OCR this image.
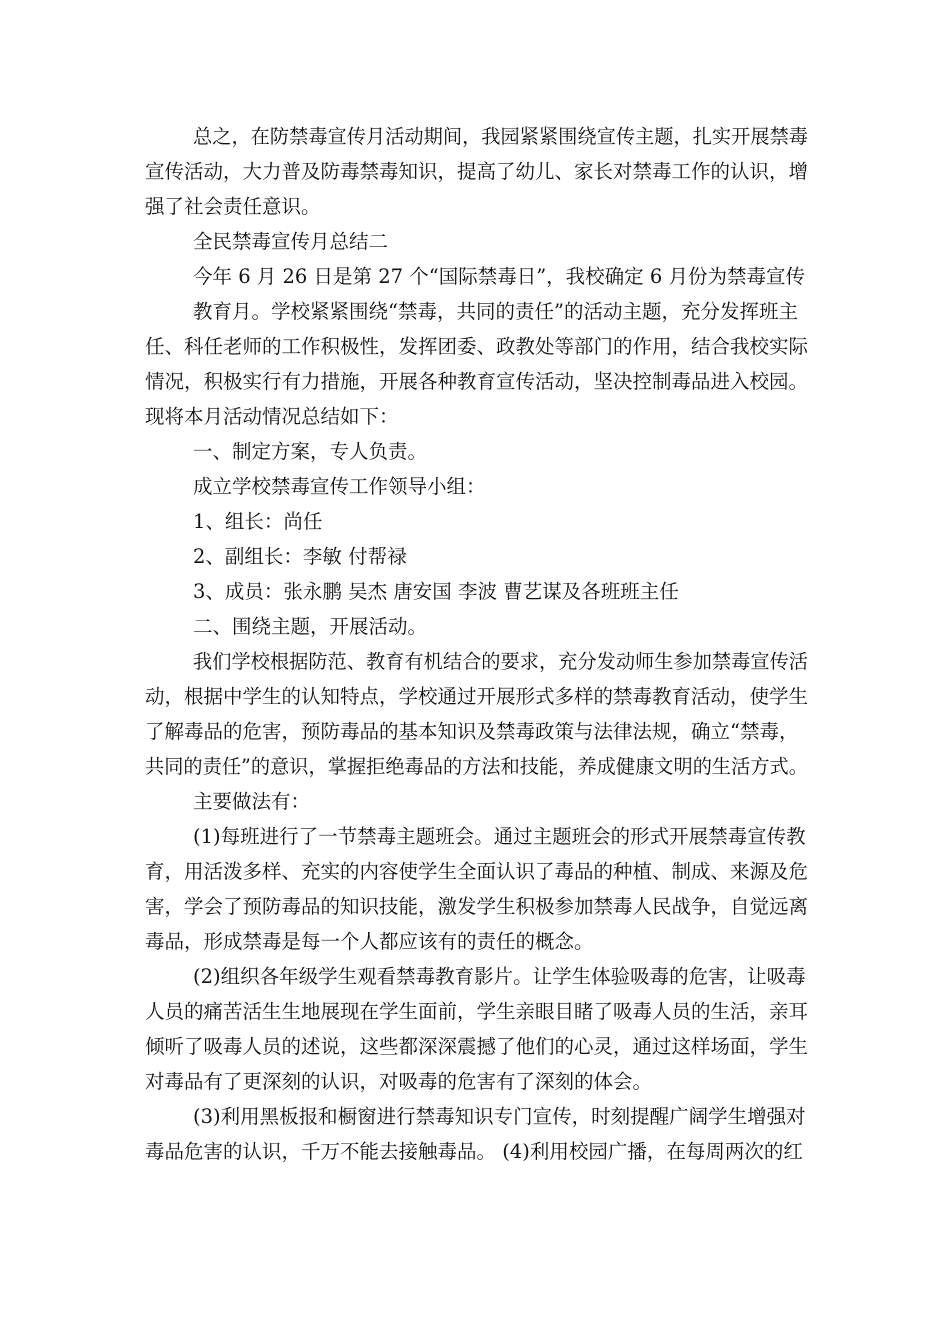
总之，在防禁毒宣传月活动期间，我园紧紧围绕宣传主题，扎实开展禁毒
宣传活动，大力普及防毒禁毒知识，提高了幼儿、家长对禁毒工作的认识，增
强了社会责任意识。
全民禁毒宣传月总结二
今年 6 月 26 日是第 27 个“国际禁毒日”，我校确定 6 月份为禁毒宣传
教育月。学校紧紧围绕“禁毒，共同的责任”的活动主题，充分发挥班主
任、科任老师的工作积极性，发挥团委、政教处等部门的作用，结合我校实际
情况，积极实行有力措施，开展各种教育宣传活动，坚决控制毒品进入校园。
现将本月活动情况总结如下：
一、制定方案，专人负责。
成立学校禁毒宣传工作领导小组：
1、组长：尚任
2、副组长：李敏 付帮禄
3、成员：张永鹏 吴杰 唐安国 李波 曹艺谋及各班班主任
二、围绕主题，开展活动。
我们学校根据防范、教育有机结合的要求，充分发动师生参加禁毒宣传活
动，根据中学生的认知特点，学校通过开展形式多样的禁毒教育活动，使学生
了解毒品的危害，预防毒品的基本知识及禁毒政策与法律法规，确立“禁毒，
共同的责任”的意识，掌握拒绝毒品的方法和技能，养成健康文明的生活方式。
主要做法有：
(1)每班进行了一节禁毒主题班会。通过主题班会的形式开展禁毒宣传教
育，用活泼多样、充实的内容使学生全面认识了毒品的种植、制成、来源及危
害，学会了预防毒品的知识技能，激发学生积极参加禁毒人民战争，自觉远离
毒品，形成禁毒是每一个人都应该有的责任的概念。
(2)组织各年级学生观看禁毒教育影片。让学生体验吸毒的危害，让吸毒
人员的痛苦活生生地展现在学生面前，学生亲眼目睹了吸毒人员的生活，亲耳
倾听了吸毒人员的述说，这些都深深震撼了他们的心灵，通过这样场面，学生
对毒品有了更深刻的认识，对吸毒的危害有了深刻的体会。
(3)利用黑板报和橱窗进行禁毒知识专门宣传，时刻提醒广阔学生增强对
毒品危害的认识，千万不能去接触毒品。 (4)利用校园广播，在每周两次的红
